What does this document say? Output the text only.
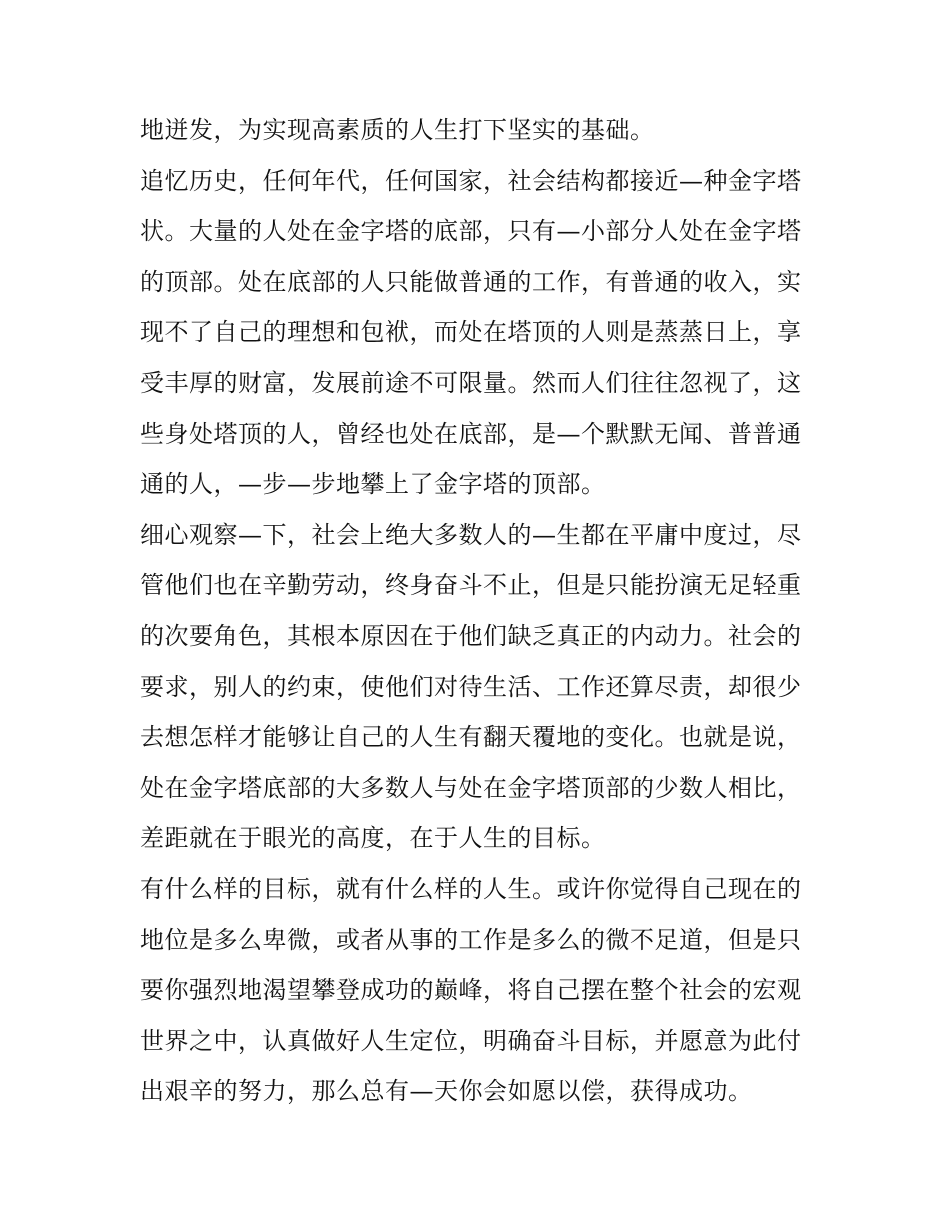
地迸发，为实现高素质的人生打下坚实的基础。
追忆历史，任何年代，任何国家，社会结构都接近—种金字塔
状。大量的人处在金字塔的底部，只有—小部分人处在金字塔
的顶部。处在底部的人只能做普通的工作，有普通的收入，实
现不了自己的理想和包袱，而处在塔顶的人则是蒸蒸日上，享
受丰厚的财富，发展前途不可限量。然而人们往往忽视了，这
些身处塔顶的人，曾经也处在底部，是—个默默无闻、普普通
通的人，—步—步地攀上了金字塔的顶部。
细心观察—下，社会上绝大多数人的—生都在平庸中度过，尽
管他们也在辛勤劳动，终身奋斗不止，但是只能扮演无足轻重
的次要角色，其根本原因在于他们缺乏真正的内动力。社会的
要求，别人的约束，使他们对待生活、工作还算尽责，却很少
去想怎样才能够让自己的人生有翻天覆地的变化。也就是说，
处在金字塔底部的大多数人与处在金字塔顶部的少数人相比，
差距就在于眼光的高度，在于人生的目标。
有什么样的目标，就有什么样的人生。或许你觉得自己现在的
地位是多么卑微，或者从事的工作是多么的微不足道，但是只
要你强烈地渴望攀登成功的巅峰，将自己摆在整个社会的宏观
世界之中，认真做好人生定位，明确奋斗目标，并愿意为此付
出艰辛的努力，那么总有—天你会如愿以偿，获得成功。
